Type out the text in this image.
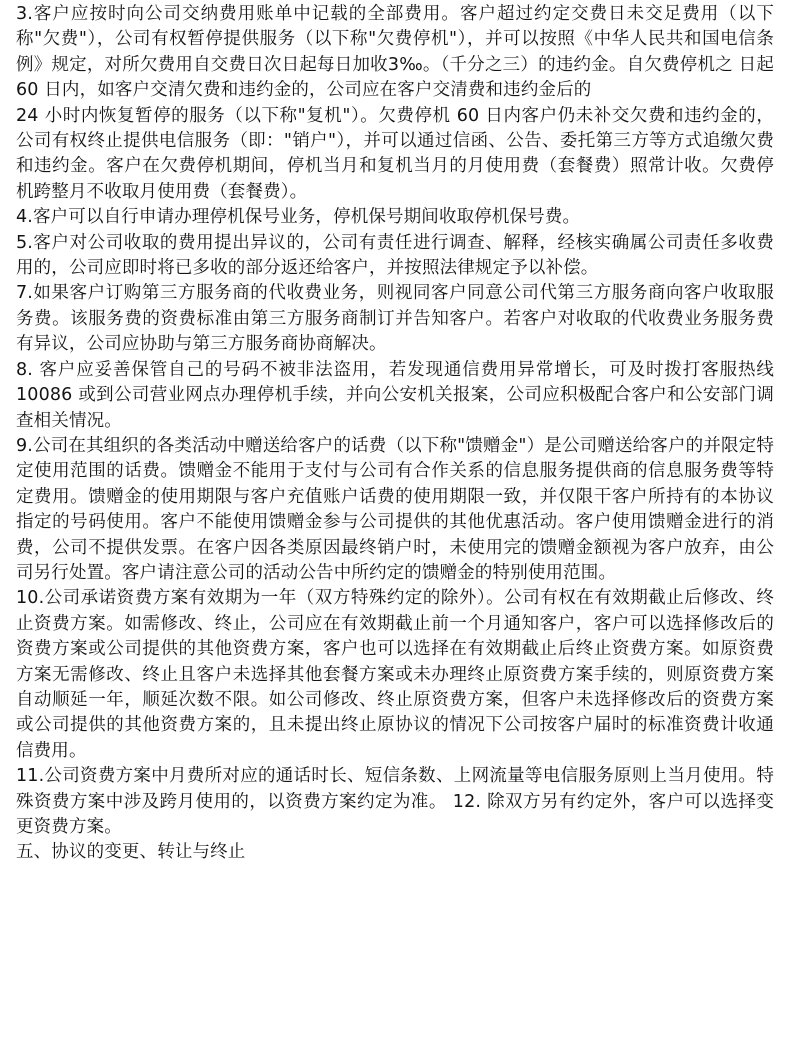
3.客户应按时向公司交纳费用账单中记载的全部费用。客户超过约定交费日未交足费用（以下称"欠费"），公司有权暂停提供服务（以下称"欠费停机"），并可以按照《中华人民共和国电信条例》规定，对所欠费用自交费日次日起每日加收3‰。（千分之三）的违约金。自欠费停机之 日起 60 日内，如客户交清欠费和违约金的，公司应在客户交清费和违约金后的

24 小时内恢复暂停的服务（以下称"复机"）。欠费停机 60 日内客户仍未补交欠费和违约金的，公司有权终止提供电信服务（即："销户"），并可以通过信函、公告、委托第三方等方式追缴欠费和违约金。客户在欠费停机期间，停机当月和复机当月的月使用费（套餐费）照常计收。欠费停机跨整月不收取月使用费（套餐费）。

4.客户可以自行申请办理停机保号业务，停机保号期间收取停机保号费。

5.客户对公司收取的费用提出异议的，公司有责任进行调查、解释，经核实确属公司责任多收费用的，公司应即时将已多收的部分返还给客户，并按照法律规定予以补偿。

7.如果客户订购第三方服务商的代收费业务，则视同客户同意公司代第三方服务商向客户收取服务费。该服务费的资费标准由第三方服务商制订并告知客户。若客户对收取的代收费业务服务费有异议，公司应协助与第三方服务商协商解决。

8. 客户应妥善保管自己的号码不被非法盗用，若发现通信费用异常增长，可及时拨打客服热线 10086 或到公司营业网点办理停机手续，并向公安机关报案，公司应积极配合客户和公安部门调查相关情况。

9.公司在其组织的各类活动中赠送给客户的话费（以下称"馈赠金"）是公司赠送给客户的并限定特定使用范围的话费。馈赠金不能用于支付与公司有合作关系的信息服务提供商的信息服务费等特定费用。馈赠金的使用期限与客户充值账户话费的使用期限一致，并仅限干客户所持有的本协议指定的号码使用。客户不能使用馈赠金参与公司提供的其他优惠活动。客户使用馈赠金进行的消费，公司不提供发票。在客户因各类原因最终销户时，未使用完的馈赠金额视为客户放弃，由公司另行处置。客户请注意公司的活动公告中所约定的馈赠金的特别使用范围。

10.公司承诺资费方案有效期为一年（双方特殊约定的除外）。公司有权在有效期截止后修改、终止资费方案。如需修改、终止，公司应在有效期截止前一个月通知客户，客户可以选择修改后的资费方案或公司提供的其他资费方案，客户也可以选择在有效期截止后终止资费方案。如原资费方案无需修改、终止且客户未选择其他套餐方案或未办理终止原资费方案手续的，则原资费方案自动顺延一年，顺延次数不限。如公司修改、终止原资费方案，但客户未选择修改后的资费方案或公司提供的其他资费方案的，且未提出终止原协议的情况下公司按客户届时的标准资费计收通信费用。

11.公司资费方案中月费所对应的通话时长、短信条数、上网流量等电信服务原则上当月使用。特殊资费方案中涉及跨月使用的，以资费方案约定为准。 12. 除双方另有约定外，客户可以选择变更资费方案。

五、协议的变更、转让与终止
